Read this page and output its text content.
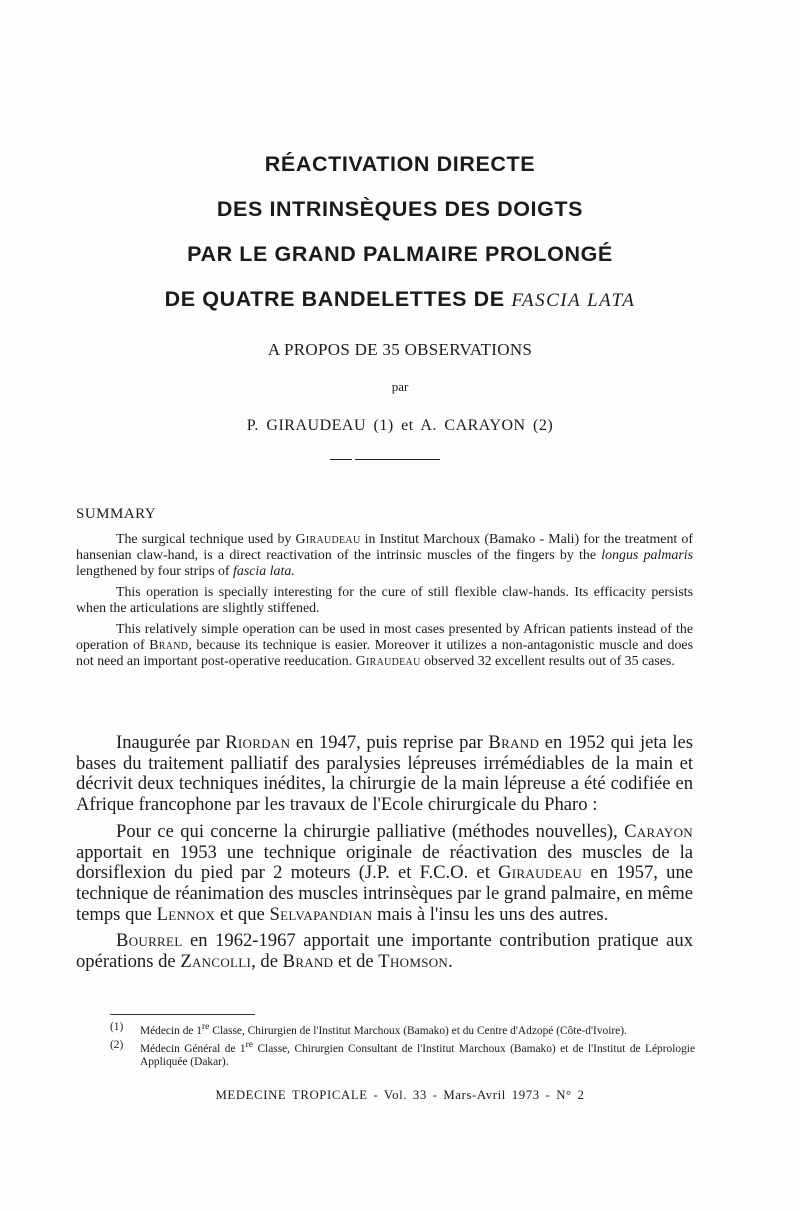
RÉACTIVATION DIRECTE
DES INTRINSÈQUES DES DOIGTS
PAR LE GRAND PALMAIRE PROLONGÉ
DE QUATRE BANDELETTES DE FASCIA LATA
A PROPOS DE 35 OBSERVATIONS
par
P. GIRAUDEAU (1) et A. CARAYON (2)
SUMMARY

The surgical technique used by Giraudeau in Institut Marchoux (Bamako - Mali) for the treatment of hansenian claw-hand, is a direct reactivation of the intrinsic muscles of the fingers by the longus palmaris lengthened by four strips of fascia lata.

This operation is specially interesting for the cure of still flexible claw-hands. Its efficacity persists when the articulations are slightly stiffened.

This relatively simple operation can be used in most cases presented by African patients instead of the operation of Brand, because its technique is easier. Moreover it utilizes a non-antagonistic muscle and does not need an important post-operative reeducation. Giraudeau observed 32 excellent results out of 35 cases.

Inaugurée par Riordan en 1947, puis reprise par Brand en 1952 qui jeta les bases du traitement palliatif des paralysies lépreuses irrémédiables de la main et décrivit deux techniques inédites, la chirurgie de la main lépreuse a été codifiée en Afrique francophone par les travaux de l'Ecole chirurgicale du Pharo :

Pour ce qui concerne la chirurgie palliative (méthodes nouvelles), Carayon apportait en 1953 une technique originale de réactivation des muscles de la dorsiflexion du pied par 2 moteurs (J.P. et F.C.O. et Giraudeau en 1957, une technique de réanimation des muscles intrinsèques par le grand palmaire, en même temps que Lennox et que Selvapandian mais à l'insu les uns des autres.

Bourrel en 1962-1967 apportait une importante contribution pratique aux opérations de Zancolli, de Brand et de Thomson.

(1)	Médecin de 1re Classe, Chirurgien de l'Institut Marchoux (Bamako) et du Centre d'Adzopé (Côte-d'Ivoire).
(2)	Médecin Général de 1re Classe, Chirurgien Consultant de l'Institut Marchoux (Bamako) et de l'Institut de Léprologie Appliquée (Dakar).
MEDECINE TROPICALE - Vol. 33 - Mars-Avril 1973 - N° 2
